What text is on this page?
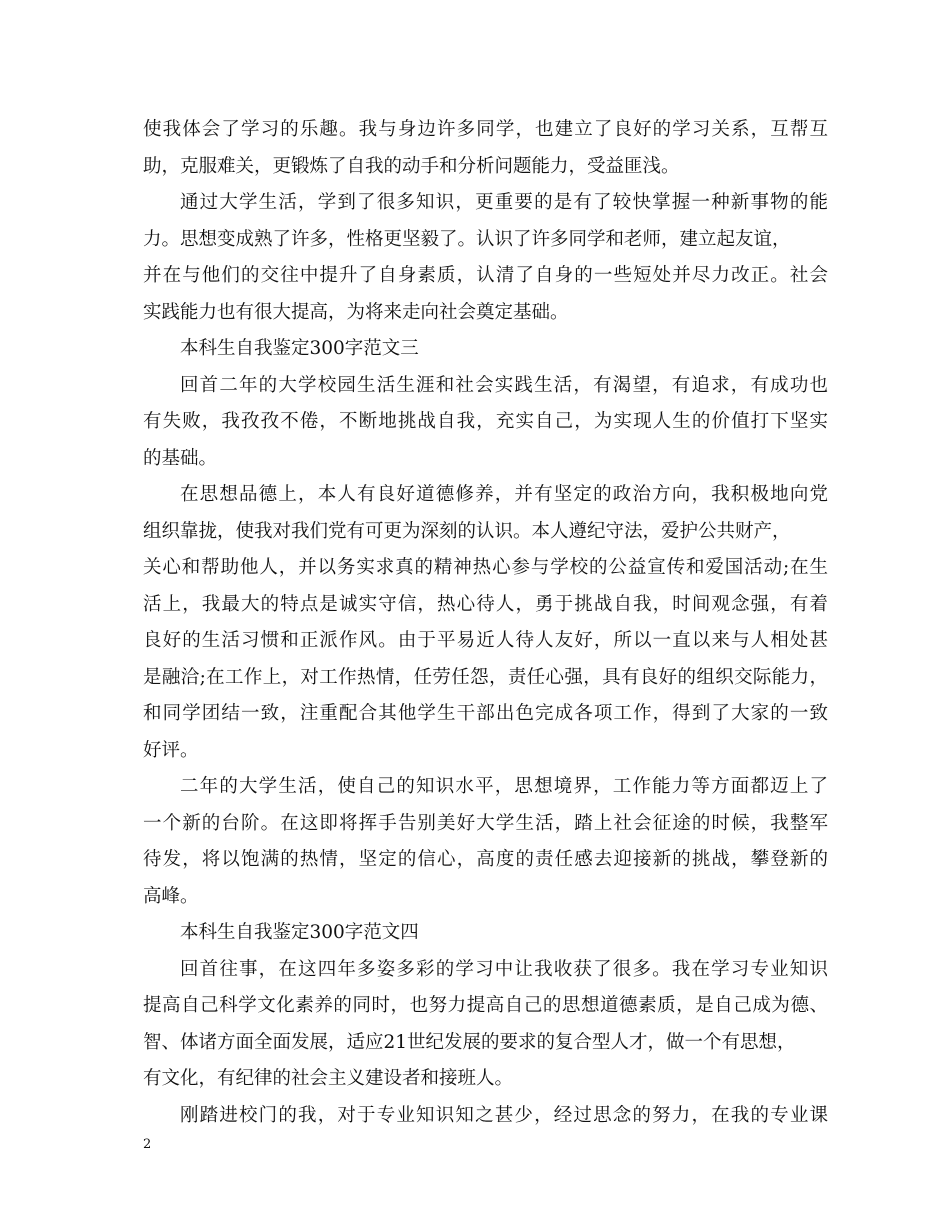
使我体会了学习的乐趣。我与身边许多同学，也建立了良好的学习关系，互帮互
助，克服难关，更锻炼了自我的动手和分析问题能力，受益匪浅。
通过大学生活，学到了很多知识，更重要的是有了较快掌握一种新事物的能
力。思想变成熟了许多，性格更坚毅了。认识了许多同学和老师，建立起友谊，
并在与他们的交往中提升了自身素质，认清了自身的一些短处并尽力改正。社会
实践能力也有很大提高，为将来走向社会奠定基础。
本科生自我鉴定300字范文三
回首二年的大学校园生活生涯和社会实践生活，有渴望，有追求，有成功也
有失败，我孜孜不倦，不断地挑战自我，充实自己，为实现人生的价值打下坚实
的基础。
在思想品德上，本人有良好道德修养，并有坚定的政治方向，我积极地向党
组织靠拢，使我对我们党有可更为深刻的认识。本人遵纪守法，爱护公共财产，
关心和帮助他人，并以务实求真的精神热心参与学校的公益宣传和爱国活动;在生
活上，我最大的特点是诚实守信，热心待人，勇于挑战自我，时间观念强，有着
良好的生活习惯和正派作风。由于平易近人待人友好，所以一直以来与人相处甚
是融洽;在工作上，对工作热情，任劳任怨，责任心强，具有良好的组织交际能力，
和同学团结一致，注重配合其他学生干部出色完成各项工作，得到了大家的一致
好评。
二年的大学生活，使自己的知识水平，思想境界，工作能力等方面都迈上了
一个新的台阶。在这即将挥手告别美好大学生活，踏上社会征途的时候，我整军
待发，将以饱满的热情，坚定的信心，高度的责任感去迎接新的挑战，攀登新的
高峰。
本科生自我鉴定300字范文四
回首往事，在这四年多姿多彩的学习中让我收获了很多。我在学习专业知识
提高自己科学文化素养的同时，也努力提高自己的思想道德素质，是自己成为德、
智、体诸方面全面发展，适应21世纪发展的要求的复合型人才，做一个有思想，
有文化，有纪律的社会主义建设者和接班人。
刚踏进校门的我，对于专业知识知之甚少，经过思念的努力，在我的专业课
2
